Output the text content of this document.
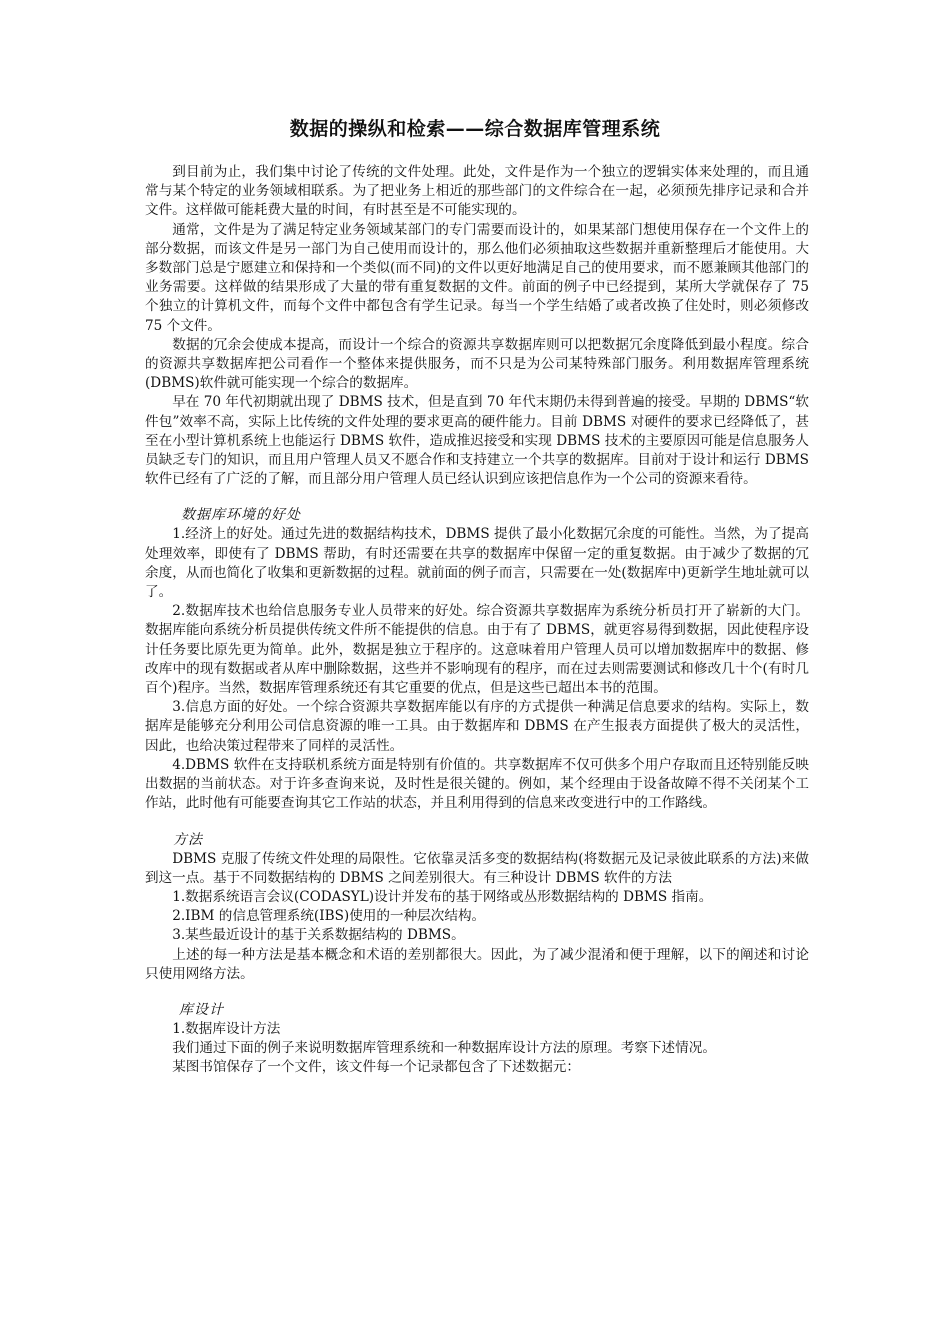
数据的操纵和检索——综合数据库管理系统

到目前为止，我们集中讨论了传统的文件处理。此处，文件是作为一个独立的逻辑实体来处理的，而且通常与某个特定的业务领域相联系。为了把业务上相近的那些部门的文件综合在一起，必须预先排序记录和合并文件。这样做可能耗费大量的时间，有时甚至是不可能实现的。

通常，文件是为了满足特定业务领域某部门的专门需要而设计的，如果某部门想使用保存在一个文件上的部分数据，而该文件是另一部门为自己使用而设计的，那么他们必须抽取这些数据并重新整理后才能使用。大多数部门总是宁愿建立和保持和一个类似(而不同)的文件以更好地满足自己的使用要求，而不愿兼顾其他部门的业务需要。这样做的结果形成了大量的带有重复数据的文件。前面的例子中已经提到，某所大学就保存了 75 个独立的计算机文件，而每个文件中都包含有学生记录。每当一个学生结婚了或者改换了住处时，则必须修改 75 个文件。

数据的冗余会使成本提高，而设计一个综合的资源共享数据库则可以把数据冗余度降低到最小程度。综合的资源共享数据库把公司看作一个整体来提供服务，而不只是为公司某特殊部门服务。利用数据库管理系统(DBMS)软件就可能实现一个综合的数据库。

早在 70 年代初期就出现了 DBMS 技术，但是直到 70 年代末期仍未得到普遍的接受。早期的 DBMS“软件包”效率不高，实际上比传统的文件处理的要求更高的硬件能力。目前 DBMS 对硬件的要求已经降低了，甚至在小型计算机系统上也能运行 DBMS 软件，造成推迟接受和实现 DBMS 技术的主要原因可能是信息服务人员缺乏专门的知识，而且用户管理人员又不愿合作和支持建立一个共享的数据库。目前对于设计和运行 DBMS 软件已经有了广泛的了解，而且部分用户管理人员已经认识到应该把信息作为一个公司的资源来看待。

数据库环境的好处

1.经济上的好处。通过先进的数据结构技术，DBMS 提供了最小化数据冗余度的可能性。当然，为了提高处理效率，即使有了 DBMS 帮助，有时还需要在共享的数据库中保留一定的重复数据。由于减少了数据的冗余度，从而也简化了收集和更新数据的过程。就前面的例子而言，只需要在一处(数据库中)更新学生地址就可以了。

2.数据库技术也给信息服务专业人员带来的好处。综合资源共享数据库为系统分析员打开了崭新的大门。数据库能向系统分析员提供传统文件所不能提供的信息。由于有了 DBMS，就更容易得到数据，因此使程序设计任务要比原先更为简单。此外，数据是独立于程序的。这意味着用户管理人员可以增加数据库中的数据、修改库中的现有数据或者从库中删除数据，这些并不影响现有的程序，而在过去则需要测试和修改几十个(有时几百个)程序。当然，数据库管理系统还有其它重要的优点，但是这些已超出本书的范围。

3.信息方面的好处。一个综合资源共享数据库能以有序的方式提供一种满足信息要求的结构。实际上，数据库是能够充分利用公司信息资源的唯一工具。由于数据库和 DBMS 在产生报表方面提供了极大的灵活性，因此，也给决策过程带来了同样的灵活性。

4.DBMS 软件在支持联机系统方面是特别有价值的。共享数据库不仅可供多个用户存取而且还特别能反映出数据的当前状态。对于许多查询来说，及时性是很关键的。例如，某个经理由于设备故障不得不关闭某个工作站，此时他有可能要查询其它工作站的状态，并且利用得到的信息来改变进行中的工作路线。

方法

DBMS 克服了传统文件处理的局限性。它依靠灵活多变的数据结构(将数据元及记录彼此联系的方法)来做到这一点。基于不同数据结构的 DBMS 之间差别很大。有三种设计 DBMS 软件的方法

1.数据系统语言会议(CODASYL)设计并发布的基于网络或丛形数据结构的 DBMS 指南。

2.IBM 的信息管理系统(IBS)使用的一种层次结构。

3.某些最近设计的基于关系数据结构的 DBMS。

上述的每一种方法是基本概念和术语的差别都很大。因此，为了减少混淆和便于理解，以下的阐述和讨论只使用网络方法。

库设计

1.数据库设计方法

我们通过下面的例子来说明数据库管理系统和一种数据库设计方法的原理。考察下述情况。

某图书馆保存了一个文件，该文件每一个记录都包含了下述数据元：
